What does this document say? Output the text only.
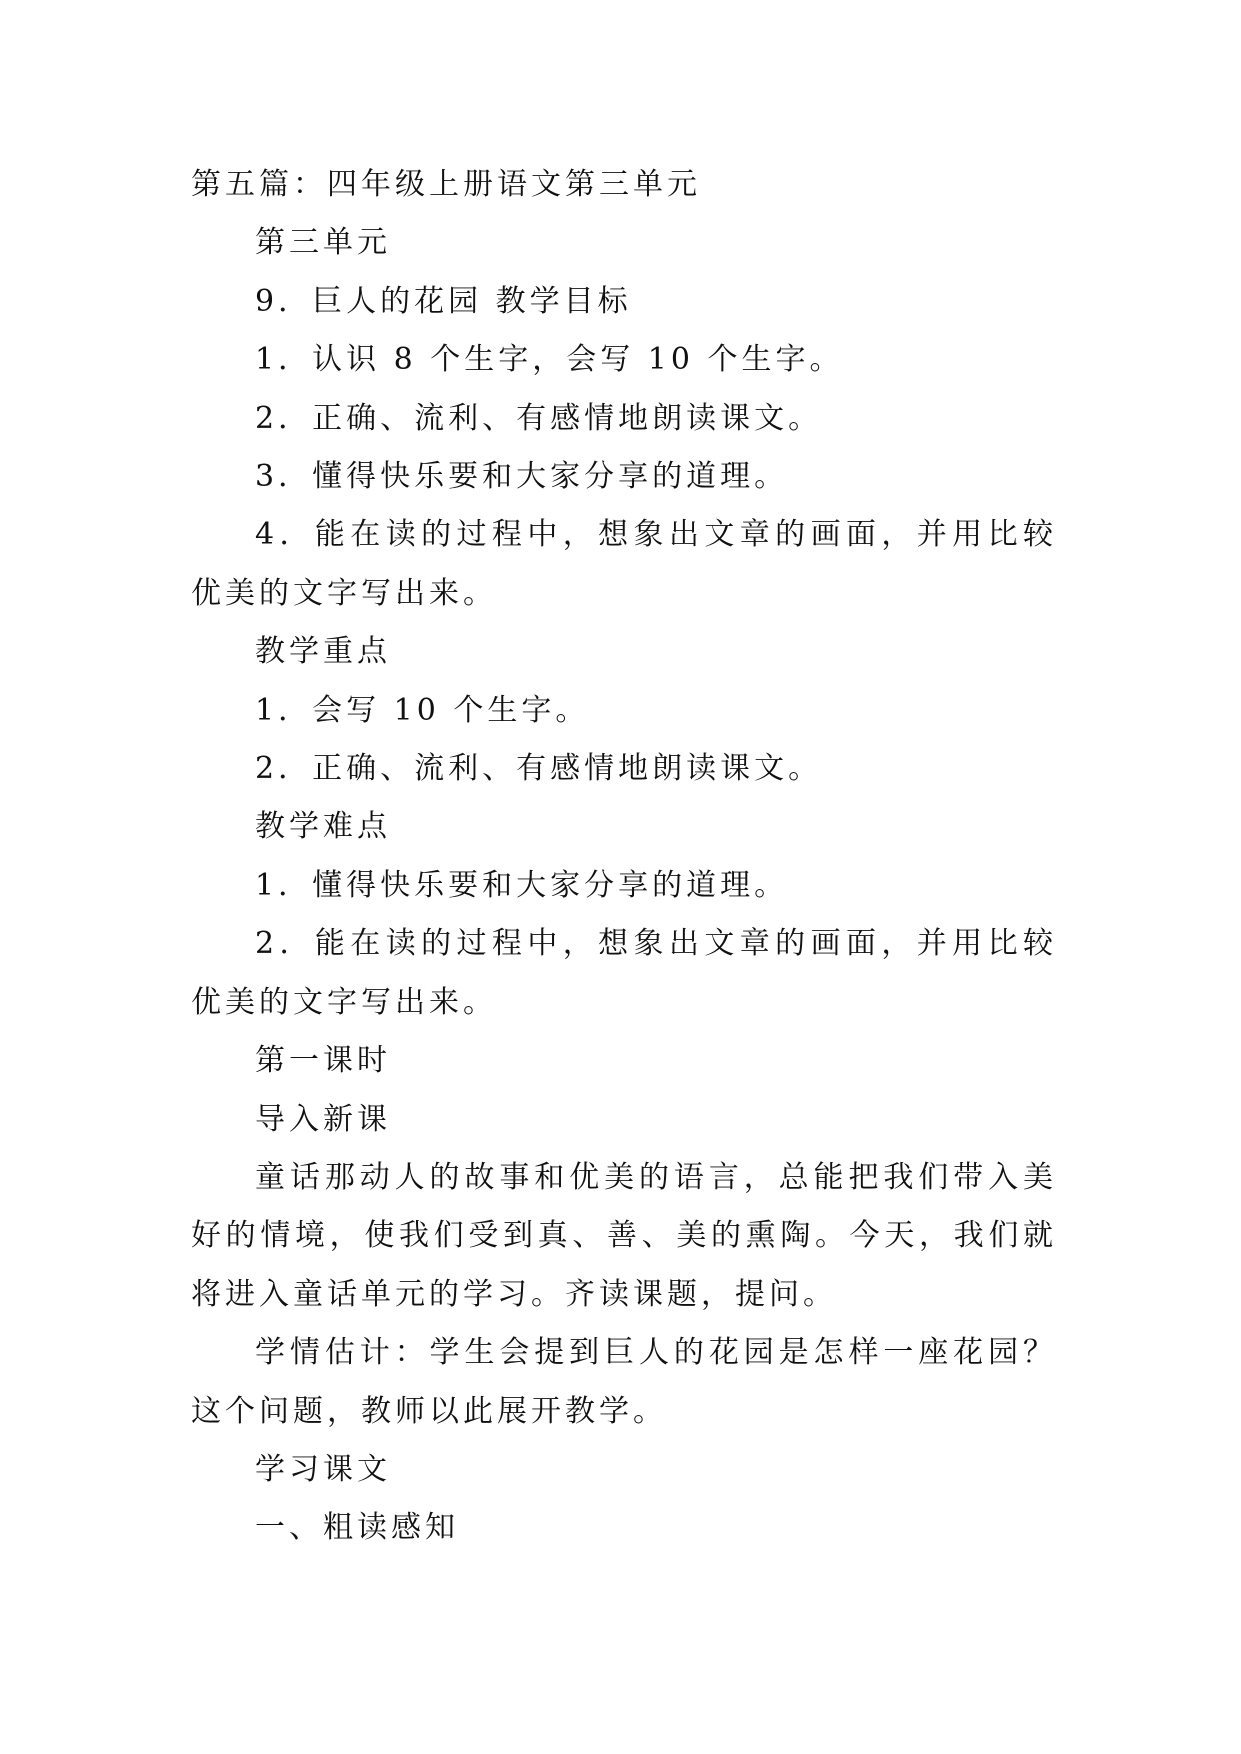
第五篇：四年级上册语文第三单元

第三单元

9．巨人的花园 教学目标

1．认识 8 个生字，会写 10 个生字。

2．正确、流利、有感情地朗读课文。

3．懂得快乐要和大家分享的道理。

4．能在读的过程中，想象出文章的画面，并用比较优美的文字写出来。

教学重点

1．会写 10 个生字。

2．正确、流利、有感情地朗读课文。

教学难点

1．懂得快乐要和大家分享的道理。

2．能在读的过程中，想象出文章的画面，并用比较优美的文字写出来。

第一课时

导入新课

童话那动人的故事和优美的语言，总能把我们带入美好的情境，使我们受到真、善、美的熏陶。今天，我们就将进入童话单元的学习。齐读课题，提问。

学情估计：学生会提到巨人的花园是怎样一座花园？这个问题，教师以此展开教学。

学习课文

一、粗读感知
